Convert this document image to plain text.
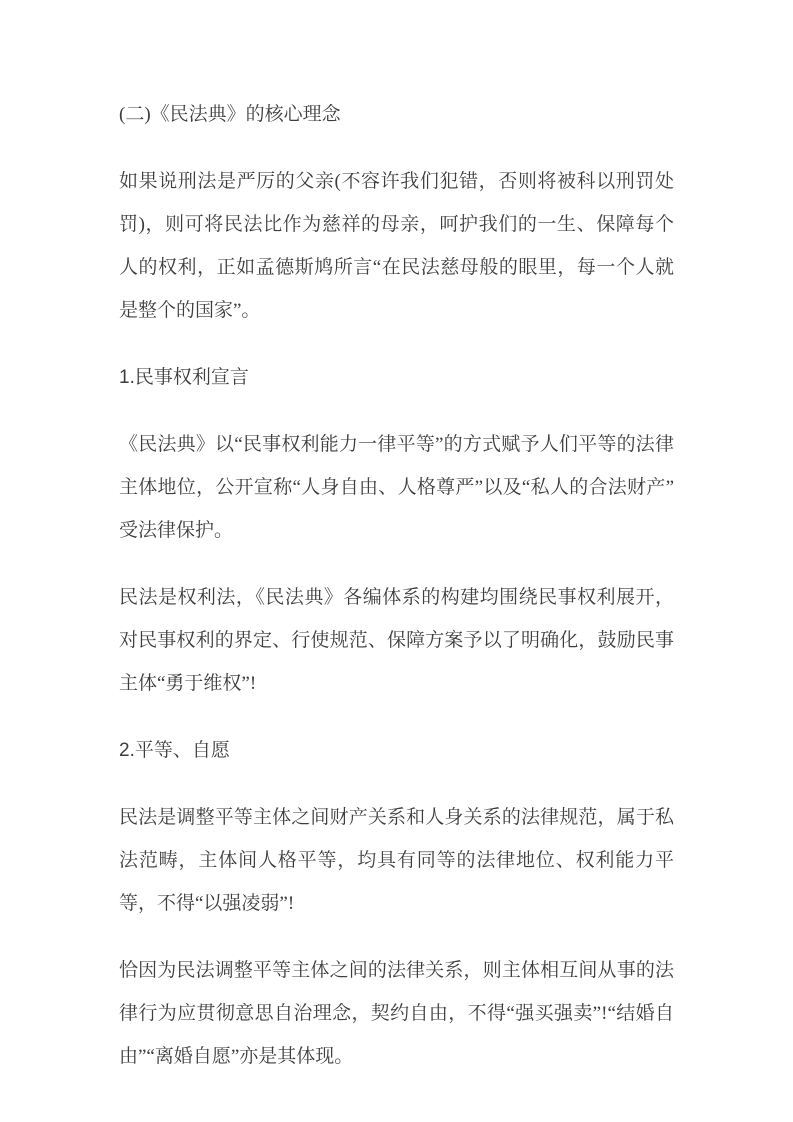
(二)《民法典》的核心理念

如果说刑法是严厉的父亲(不容许我们犯错，否则将被科以刑罚处罚)，则可将民法比作为慈祥的母亲，呵护我们的一生、保障每个人的权利，正如孟德斯鸠所言“在民法慈母般的眼里，每一个人就是整个的国家”。

1.民事权利宣言

《民法典》以“民事权利能力一律平等”的方式赋予人们平等的法律主体地位，公开宣称“人身自由、人格尊严”以及“私人的合法财产”受法律保护。

民法是权利法，《民法典》各编体系的构建均围绕民事权利展开，对民事权利的界定、行使规范、保障方案予以了明确化，鼓励民事主体“勇于维权”!

2.平等、自愿

民法是调整平等主体之间财产关系和人身关系的法律规范，属于私法范畴，主体间人格平等，均具有同等的法律地位、权利能力平等，不得“以强凌弱”!

恰因为民法调整平等主体之间的法律关系，则主体相互间从事的法律行为应贯彻意思自治理念，契约自由，不得“强买强卖”!“结婚自由”“离婚自愿”亦是其体现。
